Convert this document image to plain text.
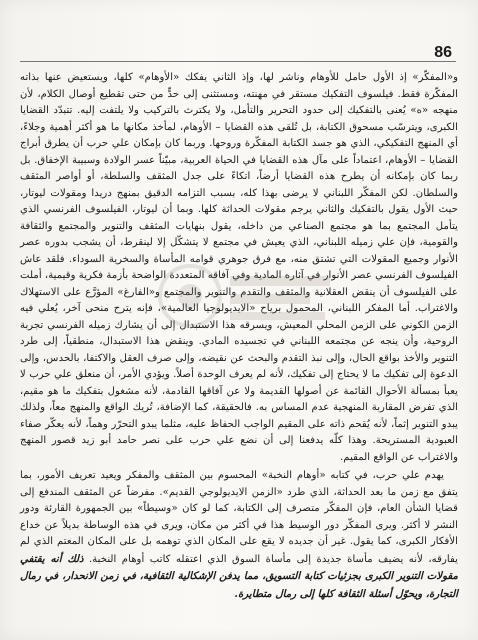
86

و«المفكّر» إذ الأول حامل للأوهام وناشر لها، وإذ الثاني يفكك «الأوهام» كلها، ويستعيض عنها بذاته المفكّرة فقط. فيلسوف التفكيك مستقر في مهنته، ومستثنى إلى حدٍّ من حتى تقطيع أوصال الكلام، لأن منهجه «ه» يُعنى بالتفكيك إلى حدود التحرير والتأمل، ولا يكترث بالتركيب ولا يلتفت إليه. تتبدّد القضايا الكبرى، ويترسّب مسحوق الكتابة، بل تُلقى هذه القضايا – الأوهام، لمأخذ مكانها ما هو أكثر أهمية وجلاءً، أي المنهج التفكيكي، الذي هو جسد الكتابة المفكّرة وروحها. وربما كان بإمكان علي حرب أن يطرق أبراج القضايا – الأوهام، اعتماداً على مآل هذه القضايا في الحياة العربية، مبيّناً عسر الولادة وسبيبة الإخفاق. بل ربما كان بإمكانه أن يطرح هذه القضايا أرضاً، اتكاءً على جدل المثقف والسلطة، أو أواصر المثقف والسلطان. لكن المفكّر اللبناني لا يرضى بهذا كله، بسبب التزامه الدقيق بمنهج دريدا ومقولات ليوتار، حيث الأول يقول بالتفكيك والثاني يرجم مقولات الحداثة كلها. وبما أن ليوتار، الفيلسوف الفرنسي الذي يتأمل المجتمع بما هو مجتمع الصناعي من داخله، يقول بنهايات المثقف والتنوير والمجتمع والثقافة والقومية، فإن علي زميله اللبناني، الذي يعيش في مجتمع لا يتشكّل إلا لينقرط، أن يشجب بدوره عصر الأنوار وجميع المقولات التي تشتق منه، مع فرق جوهري قوامه المأساة والسخرية السوداء. فلقد عاش الفيلسوف الفرنسي عصر الأنوار في آثاره المادية وفي آفاقه المتعددة الواضحة بأزمة فكرية وقيمية، أملت على الفيلسوف أن ينقض العقلانية والمثقف والتقدم والتنوير والمجتمع و«الفارغ» المؤرَّع على الاستهلاك والاغتراب. أما المفكر اللبناني، المحمول برياح «الايديولوجيا العالمية»، فإنه يترح منحى آخر، يُعلي فيه الزمن الكوني على الزمن المحلي المعيش، ويسرقه هذا الاستبدال إلى أن يشارك زميله الفرنسي تجربة الروحية، وأن ينجه عن مجتمعه اللبناني في تجسيده المادي. وينقض هذا الاستبدال، منطقياً، إلى طرد التنوير والأخذ بواقع الحال، وإلى نبذ التقدم والبحث عن نقيضه، وإلى صرف العقل والاكتفا، بالحدس، وإلى الدعوة إلى تفكيك ما لا يحتاج إلى تفكيك، لأنه لم يعرف الوحدة أصلاً. ويؤدي الأمر، أن منعلق علي حرب لا يعبأ بمسألة الأحوال القائمة عن أصولها القديمة ولا عن آفاقها القادمة، لأنه مشغول بتفكيك ما هو مقيم، الذي تفرض المقاربة المنهجية عدم المساس به. فالحقيقة، كما الإضافة، تُريك الواقع والمنهج معاً، ولذلك يبدو التنوير إثماً، لأنه يُقحم ذاته على المقيم الواجب الحفاظ عليه، مثلما يبدو التحرّر وهماً، لأنه يعكّر صفاء العبودية المستريحة. وهذا كلّه يدفعنا إلى أن نضع علي حرب على نصر حامد أبو زيد قصور المنهج والاغتراب عن الواقع المقيم.

يهدم علي حرب، في كتابه «أوهام النخبة» المحسوم بين المثقف والمفكر ويعيد تعريف الأمور، بما يتفق مع زمن ما بعد الحداثة، الذي طرد «الزمن الايديولوجي القديم». مفرضاً عن المثقف المندفع إلى قضايا الشأن العام، فإن المفكّر متصرف إلى الكتابة، كما لو كان «وسيطاً» بين الجمهورة القارئة ودور النشر لا أكثر. ويرى المفكّر دور الوسيط هذا في أكثر من مكان، ويرى في هذه الوساطة بديلاً عن خداع الأفكار الكبرى، كما يقول. غير أن جديده لا يقع على المكان الذي توهمه بل على المكان المعتم الذي لم يفارقه، لأنه يضيف مأساة جديدة إلى مأساة السوق الذي اعتقله كاتب أوهام النخبة. ذلك أنه يقتفي مقولات التنوير الكبرى بجزئيات كتابة التسويق، مما يدفن الإشكالية الثقافية، في زمن الانحدار، في رمال التجارة، ويحوّل أسئلة الثقافة كلها إلى رمال متطايرة.
